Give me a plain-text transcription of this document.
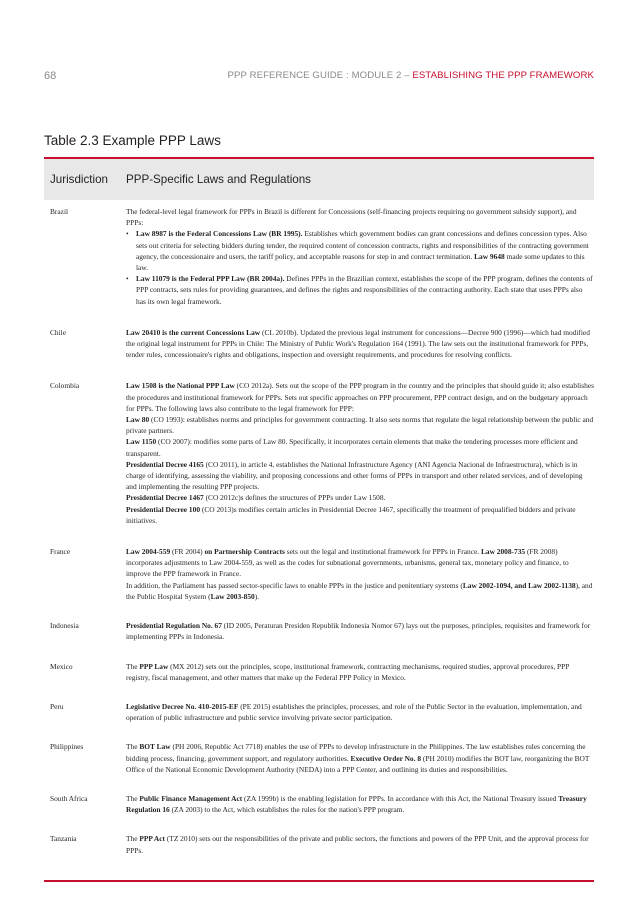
68	PPP REFERENCE GUIDE : MODULE 2 – ESTABLISHING THE PPP FRAMEWORK
Table 2.3 Example PPP Laws
Jurisdiction	PPP-Specific Laws and Regulations
Brazil	The federal-level legal framework for PPPs in Brazil is different for Concessions (self-financing projects requiring no government subsidy support), and PPPs:

•	Law 8987 is the Federal Concessions Law (BR 1995). Establishes which government bodies can grant concessions and defines concession types. Also sets out criteria for selecting bidders during tender, the required content of concession contracts, rights and responsibilities of the contracting government agency, the concessionaire and users, the tariff policy, and acceptable reasons for step in and contract termination. Law 9648 made some updates to this law.
•	Law 11079 is the Federal PPP Law (BR 2004a). Defines PPPs in the Brazilian context, establishes the scope of the PPP program, defines the contents of PPP contracts, sets rules for providing guarantees, and defines the rights and responsibilities of the contracting authority. Each state that uses PPPs also has its own legal framework.
Chile	Law 20410 is the current Concessions Law (CL 2010b). Updated the previous legal instrument for concessions—Decree 900 (1996)—which had modified the original legal instrument for PPPs in Chile: The Ministry of Public Work's Regulation 164 (1991). The law sets out the institutional framework for PPPs, tender rules, concessionaire's rights and obligations, inspection and oversight requirements, and procedures for resolving conflicts.

Colombia	Law 1508 is the National PPP Law (CO 2012a). Sets out the scope of the PPP program in the country and the principles that should guide it; also establishes the procedures and institutional framework for PPPs. Sets out specific approaches on PPP procurement, PPP contract design, and on the budgetary approach for PPPs. The following laws also contribute to the legal framework for PPP:

Law 80 (CO 1993): establishes norms and principles for government contracting. It also sets norms that regulate the legal relationship between the public and private partners.

Law 1150 (CO 2007): modifies some parts of Law 80. Specifically, it incorporates certain elements that make the tendering processes more efficient and transparent.

Presidential Decree 4165 (CO 2011), in article 4, establishes the National Infrastructure Agency (ANI Agencia Nacional de Infraestructura), which is in charge of identifying, assessing the viability, and proposing concessions and other forms of PPPs in transport and other related services, and of developing and implementing the resulting PPP projects.

Presidential Decree 1467 (CO 2012c)s defines the structures of PPPs under Law 1508.

Presidential Decree 100 (CO 2013)s modifies certain articles in Presidential Decree 1467, specifically the treatment of prequalified bidders and private initiatives.

France	Law 2004-559 (FR 2004) on Partnership Contracts sets out the legal and institutional framework for PPPs in France. Law 2008-735 (FR 2008) incorporates adjustments to Law 2004-559, as well as the codes for subnational governments, urbanisms, general tax, monetary policy and finance, to improve the PPP framework in France.

In addition, the Parliament has passed sector-specific laws to enable PPPs in the justice and penitentiary systems (Law 2002-1094, and Law 2002-1138), and the Public Hospital System (Law 2003-850).

Indonesia	Presidential Regulation No. 67 (ID 2005, Peraturan Presiden Republik Indonesia Nomor 67) lays out the purposes, principles, requisites and framework for implementing PPPs in Indonesia.

Mexico	The PPP Law (MX 2012) sets out the principles, scope, institutional framework, contracting mechanisms, required studies, approval procedures, PPP registry, fiscal management, and other matters that make up the Federal PPP Policy in Mexico.

Peru	Legislative Decree No. 410-2015-EF (PE 2015) establishes the principles, processes, and role of the Public Sector in the evaluation, implementation, and operation of public infrastructure and public service involving private sector participation.

Philippines	The BOT Law (PH 2006, Republic Act 7718) enables the use of PPPs to develop infrastructure in the Philippines. The law establishes rules concerning the bidding process, financing, government support, and regulatory authorities. Executive Order No. 8 (PH 2010) modifies the BOT law, reorganizing the BOT Office of the National Economic Development Authority (NEDA) into a PPP Center, and outlining its duties and responsibilities.

South Africa	The Public Finance Management Act (ZA 1999b) is the enabling legislation for PPPs. In accordance with this Act, the National Treasury issued Treasury Regulation 16 (ZA 2003) to the Act, which establishes the rules for the nation's PPP program.

Tanzania	The PPP Act (TZ 2010) sets out the responsibilities of the private and public sectors, the functions and powers of the PPP Unit, and the approval process for PPPs.
